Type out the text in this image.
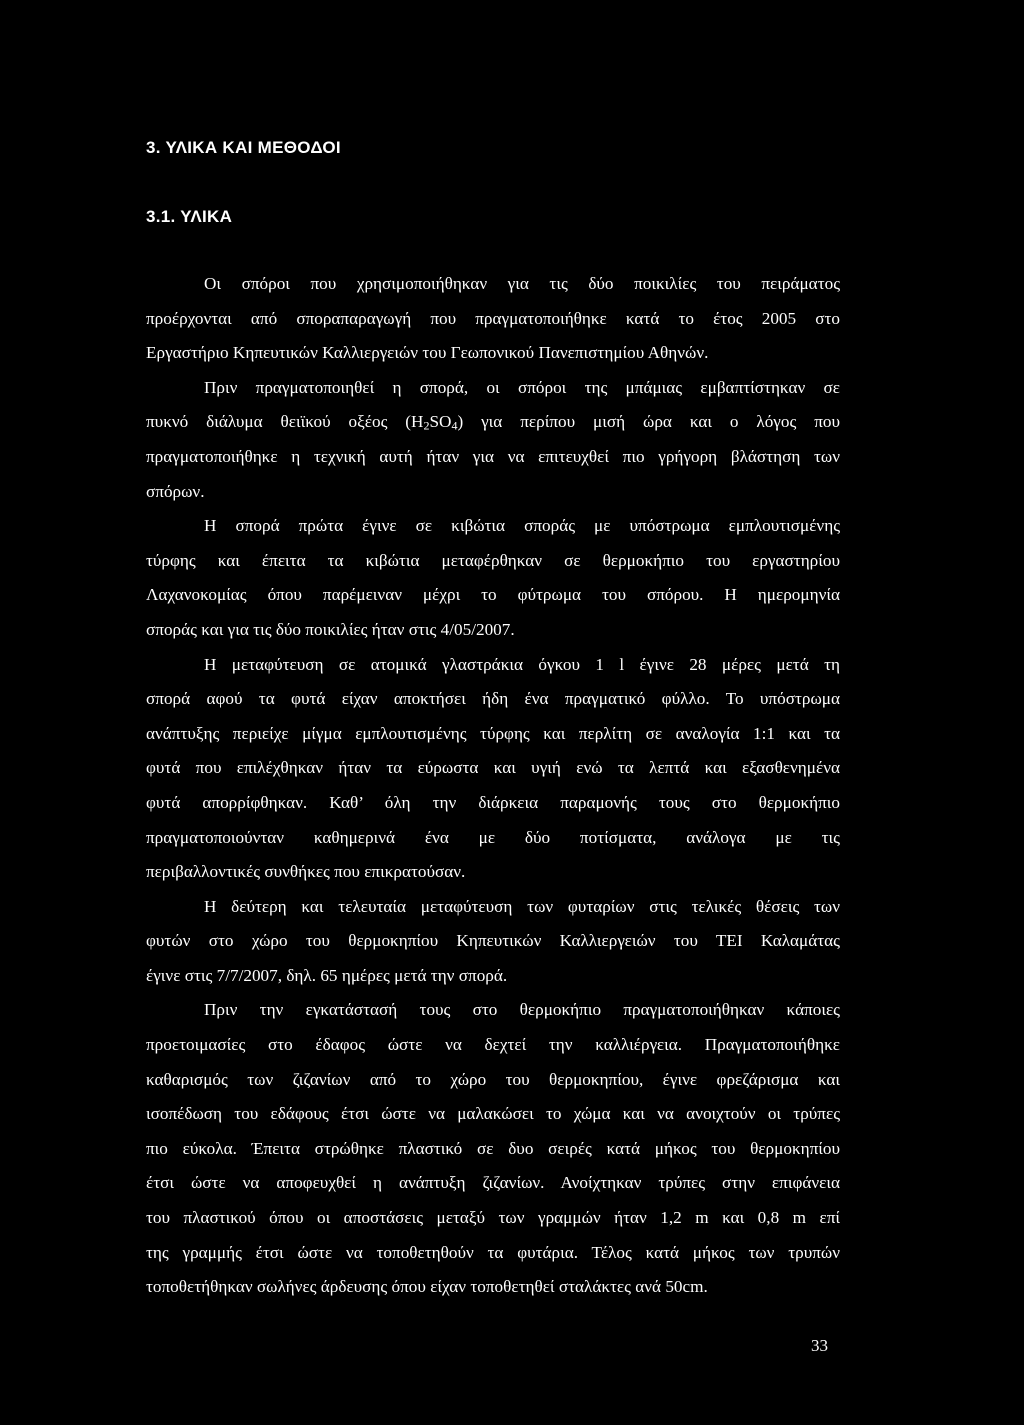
3. ΥΛΙΚΑ ΚΑΙ ΜΕΘΟΔΟΙ
3.1. ΥΛΙΚΑ
Οι σπόροι που χρησιμοποιήθηκαν για τις δύο ποικιλίες του πειράματος
προέρχονται από σποραπαραγωγή που πραγματοποιήθηκε κατά το έτος 2005 στο
Εργαστήριο Κηπευτικών Καλλιεργειών του Γεωπονικού Πανεπιστημίου Αθηνών.
Πριν πραγματοποιηθεί η σπορά, οι σπόροι της μπάμιας εμβαπτίστηκαν σε
πυκνό διάλυμα θειϊκού οξέος $(H_2SO_4)$ για περίπου μισή ώρα και ο λόγος που
πραγματοποιήθηκε η τεχνική αυτή ήταν για να επιτευχθεί πιο γρήγορη βλάστηση των
σπόρων.
Η σπορά πρώτα έγινε σε κιβώτια σποράς με υπόστρωμα εμπλουτισμένης
τύρφης και έπειτα τα κιβώτια μεταφέρθηκαν σε θερμοκήπιο του εργαστηρίου
Λαχανοκομίας όπου παρέμειναν μέχρι το φύτρωμα του σπόρου. Η ημερομηνία
σποράς και για τις δύο ποικιλίες ήταν στις 4/05/2007.
Η μεταφύτευση σε ατομικά γλαστράκια όγκου 1 l έγινε 28 μέρες μετά τη
σπορά αφού τα φυτά είχαν αποκτήσει ήδη ένα πραγματικό φύλλο. Το υπόστρωμα
ανάπτυξης περιείχε μίγμα εμπλουτισμένης τύρφης και περλίτη σε αναλογία 1:1 και τα
φυτά που επιλέχθηκαν ήταν τα εύρωστα και υγιή ενώ τα λεπτά και εξασθενημένα
φυτά απορρίφθηκαν. Καθ’ όλη την διάρκεια παραμονής τους στο θερμοκήπιο
πραγματοποιούνταν καθημερινά ένα με δύο ποτίσματα, ανάλογα με τις
περιβαλλοντικές συνθήκες που επικρατούσαν.
Η δεύτερη και τελευταία μεταφύτευση των φυταρίων στις τελικές θέσεις των
φυτών στο χώρο του θερμοκηπίου Κηπευτικών Καλλιεργειών του ΤΕΙ Καλαμάτας
έγινε στις 7/7/2007, δηλ. 65 ημέρες μετά την σπορά.
Πριν την εγκατάστασή τους στο θερμοκήπιο πραγματοποιήθηκαν κάποιες
προετοιμασίες στο έδαφος ώστε να δεχτεί την καλλιέργεια. Πραγματοποιήθηκε
καθαρισμός των ζιζανίων από το χώρο του θερμοκηπίου, έγινε φρεζάρισμα και
ισοπέδωση του εδάφους έτσι ώστε να μαλακώσει το χώμα και να ανοιχτούν οι τρύπες
πιο εύκολα. Έπειτα στρώθηκε πλαστικό σε δυο σειρές κατά μήκος του θερμοκηπίου
έτσι ώστε να αποφευχθεί η ανάπτυξη ζιζανίων. Ανοίχτηκαν τρύπες στην επιφάνεια
του πλαστικού όπου οι αποστάσεις μεταξύ των γραμμών ήταν 1,2 m και 0,8 m επί
της γραμμής έτσι ώστε να τοποθετηθούν τα φυτάρια. Τέλος κατά μήκος των τρυπών
τοποθετήθηκαν σωλήνες άρδευσης όπου είχαν τοποθετηθεί σταλάκτες ανά 50cm.
33
